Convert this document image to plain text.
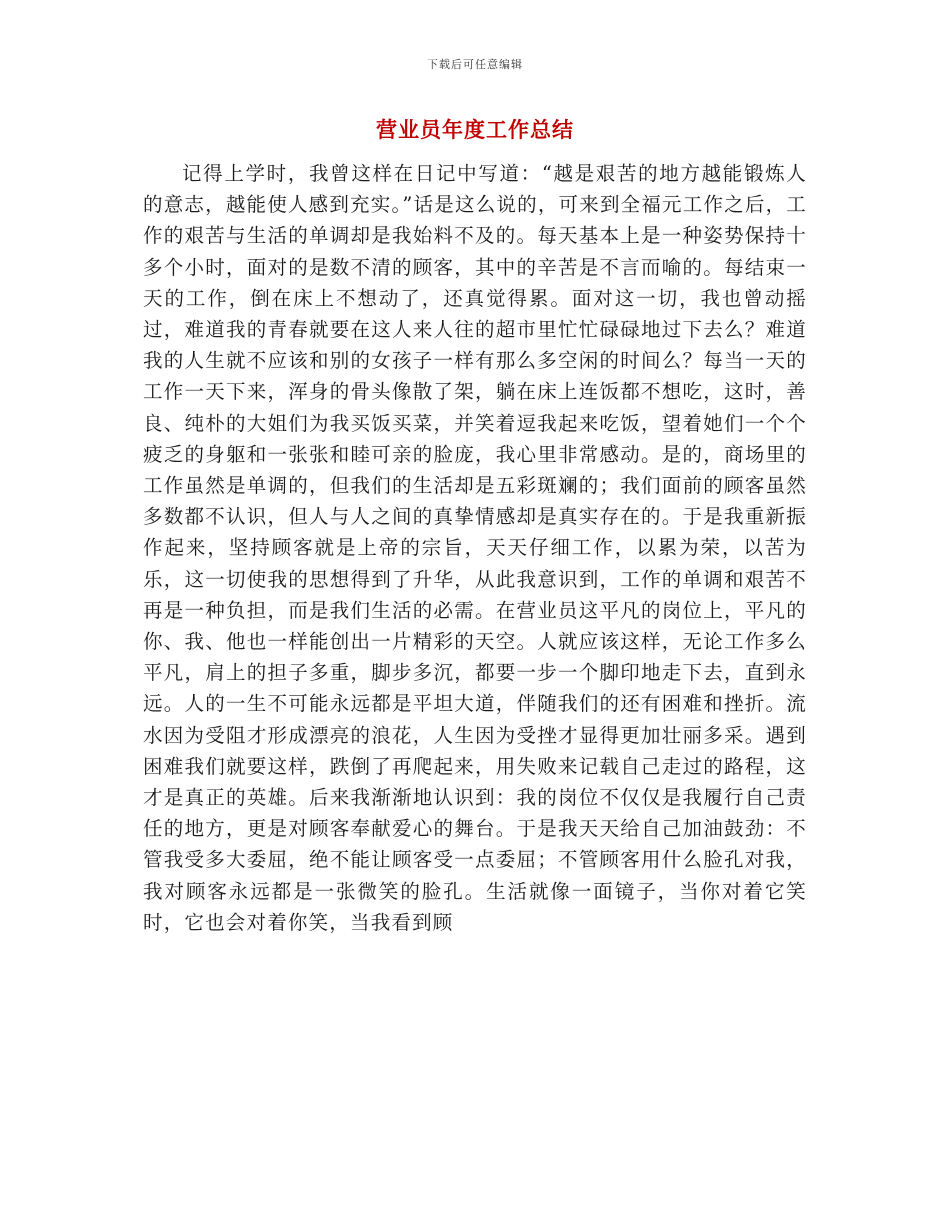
下载后可任意编辑
营业员年度工作总结

记得上学时，我曾这样在日记中写道：“越是艰苦的地方越能锻炼人的意志，越能使人感到充实。”话是这么说的，可来到全福元工作之后，工作的艰苦与生活的单调却是我始料不及的。每天基本上是一种姿势保持十多个小时，面对的是数不清的顾客，其中的辛苦是不言而喻的。每结束一天的工作，倒在床上不想动了，还真觉得累。面对这一切，我也曾动摇过，难道我的青春就要在这人来人往的超市里忙忙碌碌地过下去么？难道我的人生就不应该和别的女孩子一样有那么多空闲的时间么？每当一天的工作一天下来，浑身的骨头像散了架，躺在床上连饭都不想吃，这时，善良、纯朴的大姐们为我买饭买菜，并笑着逗我起来吃饭，望着她们一个个疲乏的身躯和一张张和睦可亲的脸庞，我心里非常感动。是的，商场里的工作虽然是单调的，但我们的生活却是五彩斑斓的；我们面前的顾客虽然多数都不认识，但人与人之间的真挚情感却是真实存在的。于是我重新振作起来，坚持顾客就是上帝的宗旨，天天仔细工作，以累为荣，以苦为乐，这一切使我的思想得到了升华，从此我意识到，工作的单调和艰苦不再是一种负担，而是我们生活的必需。在营业员这平凡的岗位上，平凡的你、我、他也一样能创出一片精彩的天空。人就应该这样，无论工作多么平凡，肩上的担子多重，脚步多沉，都要一步一个脚印地走下去，直到永远。人的一生不可能永远都是平坦大道，伴随我们的还有困难和挫折。流水因为受阻才形成漂亮的浪花，人生因为受挫才显得更加壮丽多采。遇到困难我们就要这样，跌倒了再爬起来，用失败来记载自己走过的路程，这才是真正的英雄。后来我渐渐地认识到：我的岗位不仅仅是我履行自己责任的地方，更是对顾客奉献爱心的舞台。于是我天天给自己加油鼓劲：不管我受多大委屈，绝不能让顾客受一点委屈；不管顾客用什么脸孔对我，我对顾客永远都是一张微笑的脸孔。生活就像一面镜子，当你对着它笑时，它也会对着你笑，当我看到顾
